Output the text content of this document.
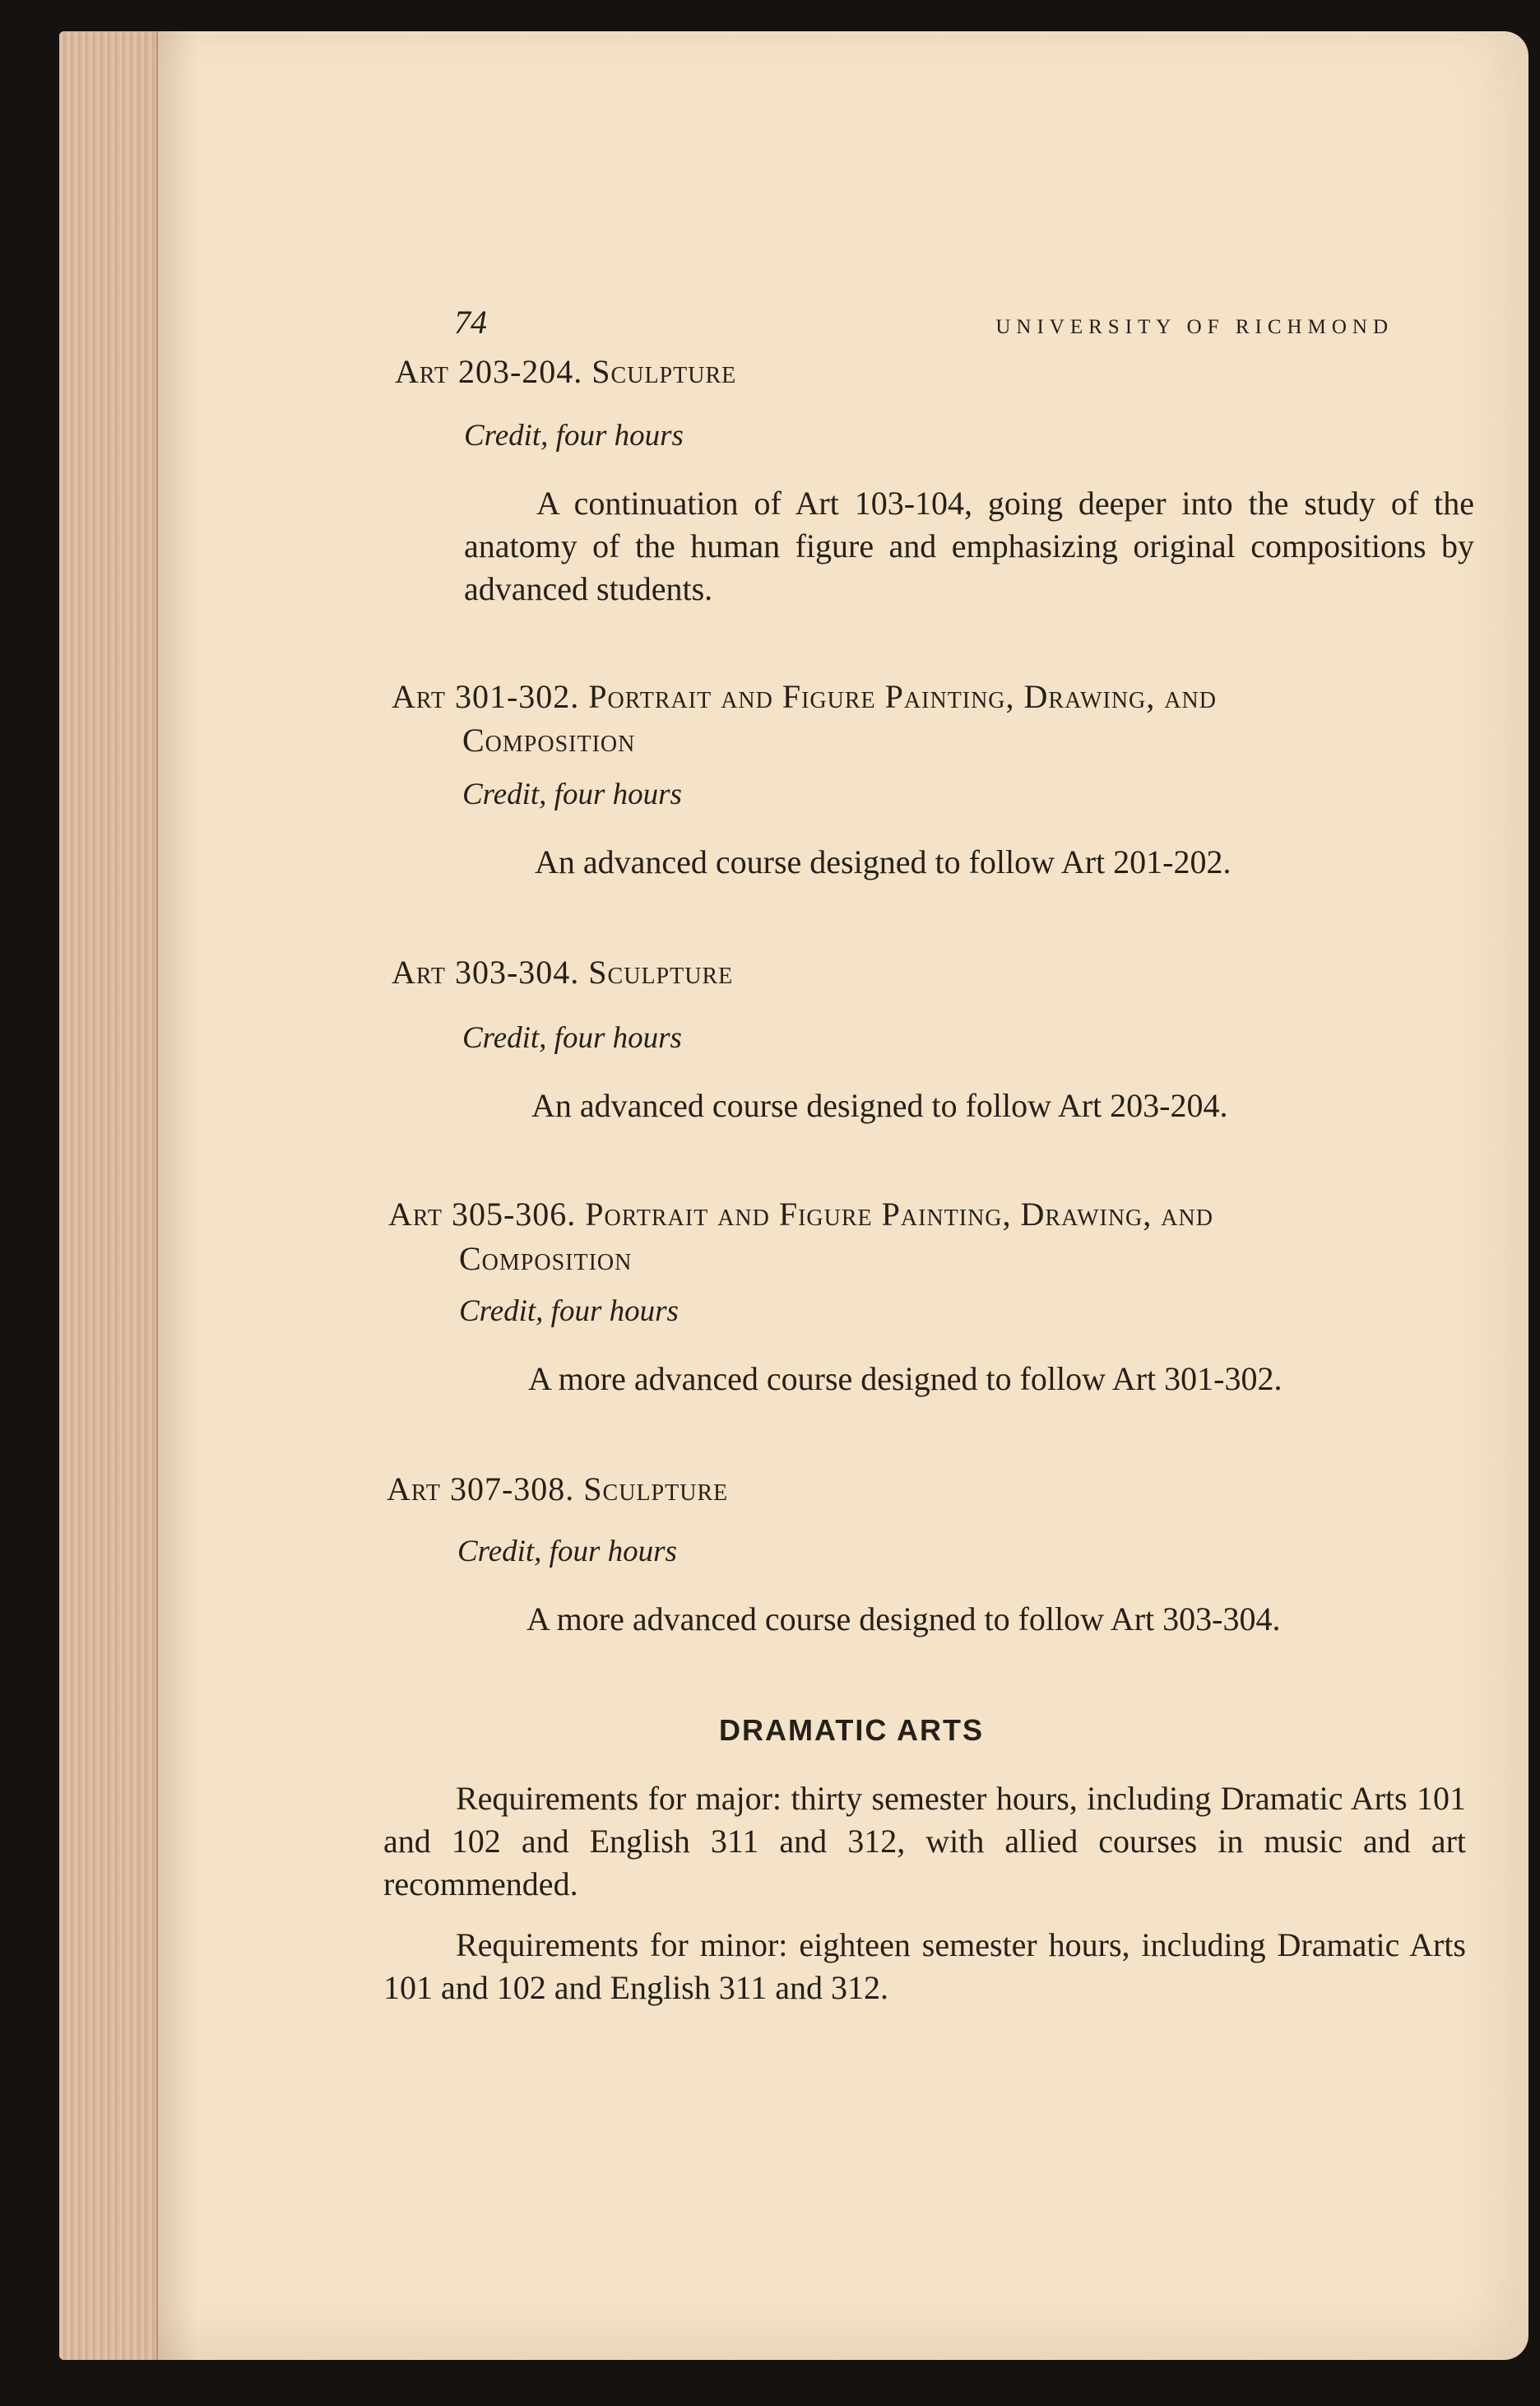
74	UNIVERSITY OF RICHMOND
Art 203-204. Sculpture
Credit, four hours
A continuation of Art 103-104, going deeper into the study of the anatomy of the human figure and emphasizing original compositions by advanced students.
Art 301-302. Portrait and Figure Painting, Drawing, and
Composition
Credit, four hours
An advanced course designed to follow Art 201-202.
Art 303-304. Sculpture
Credit, four hours
An advanced course designed to follow Art 203-204.
Art 305-306. Portrait and Figure Painting, Drawing, and
Composition
Credit, four hours
A more advanced course designed to follow Art 301-302.
Art 307-308. Sculpture
Credit, four hours
A more advanced course designed to follow Art 303-304.
DRAMATIC ARTS
Requirements for major: thirty semester hours, including Dramatic Arts 101 and 102 and English 311 and 312, with allied courses in music and art recommended.
Requirements for minor: eighteen semester hours, including Dramatic Arts 101 and 102 and English 311 and 312.
